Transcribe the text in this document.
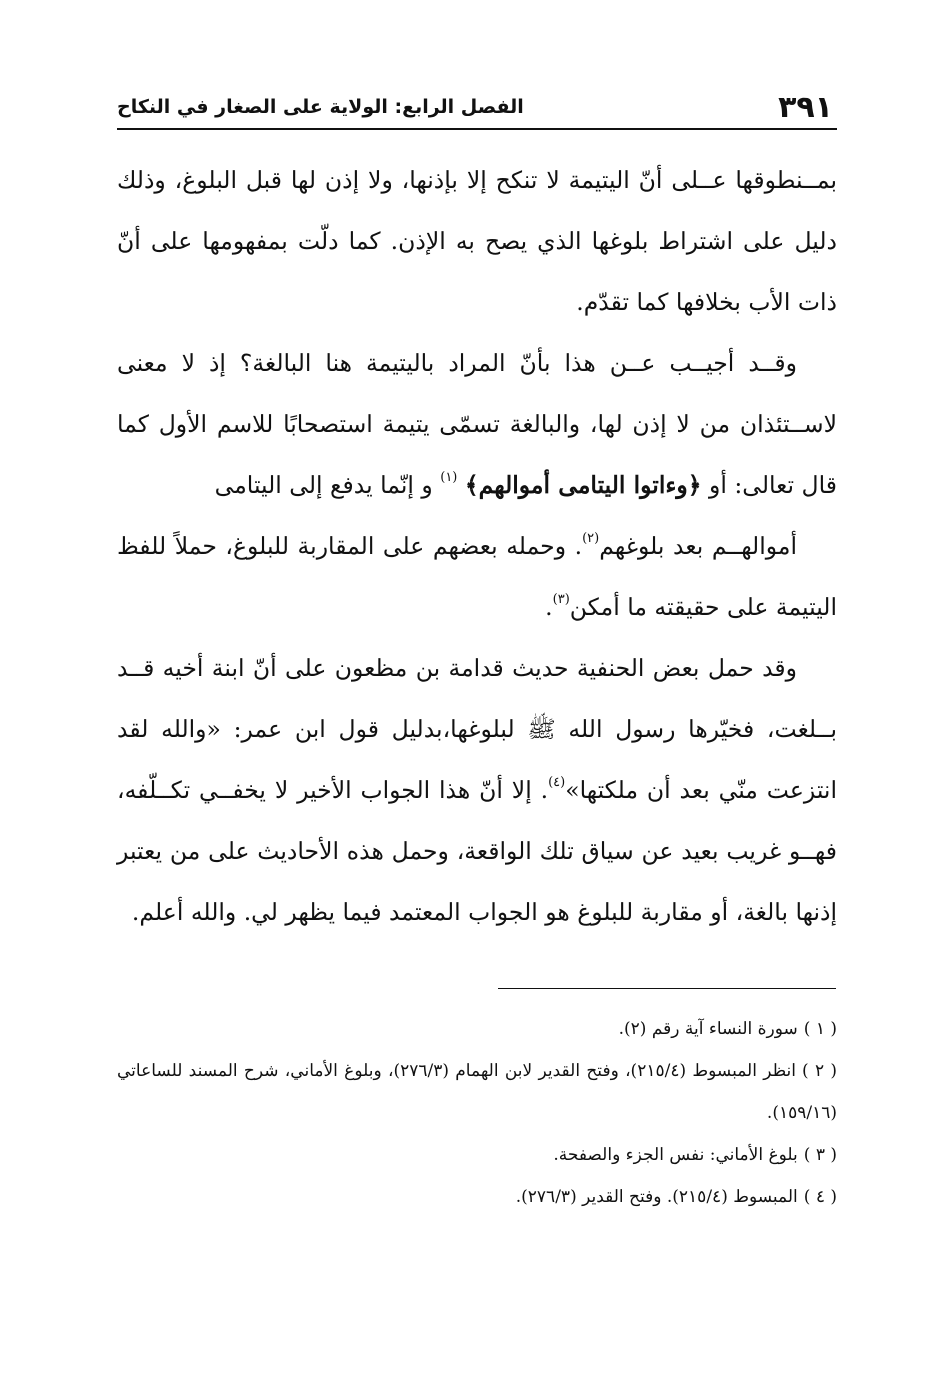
٣٩١
الفصل الرابع: الولاية على الصغار في النكاح

بمــنطوقها عــلى أنّ اليتيمة لا تنكح إلا بإذنها، ولا إذن لها قبل البلوغ، وذلك دليل على اشتراط بلوغها الذي يصح به الإذن. كما دلّت بمفهومها على أنّ ذات الأب بخلافها كما تقدّم.

وقــد أجيــب عــن هذا بأنّ المراد باليتيمة هنا البالغة؟ إذ لا معنى لاســتئذان من لا إذن لها، والبالغة تسمّى يتيمة استصحابًا للاسم الأول كما قال تعالى: أو ﴿وءاتوا اليتامى أموالهم﴾ $^{(١)}$ و إنّما يدفع إلى اليتامى

أموالهــم بعد بلوغهم$^{(٢)}$. وحمله بعضهم على المقاربة للبلوغ، حملاً للفظ اليتيمة على حقيقته ما أمكن$^{(٣)}$.

وقد حمل بعض الحنفية حديث قدامة بن مظعون على أنّ ابنة أخيه قــد بــلغت، فخيّرها رسول الله ﷺ لبلوغها،بدليل قول ابن عمر: «والله لقد انتزعت منّي بعد أن ملكتها»$^{(٤)}$. إلا أنّ هذا الجواب الأخير لا يخفــي تكــلّفه، فهــو غريب بعيد عن سياق تلك الواقعة، وحمل هذه الأحاديث على من يعتبر إذنها بالغة، أو مقاربة للبلوغ هو الجواب المعتمد فيما يظهر لي. والله أعلم.

( ١ )سورة النساء آية رقم (٢).

( ٢ )انظر المبسوط (٢١٥/٤)، وفتح القدير لابن الهمام (٢٧٦/٣)، وبلوغ الأماني، شرح المسند للساعاتي (١٥٩/١٦).

( ٣ )بلوغ الأماني: نفس الجزء والصفحة.

( ٤ )المبسوط (٢١٥/٤). وفتح القدير (٢٧٦/٣).
